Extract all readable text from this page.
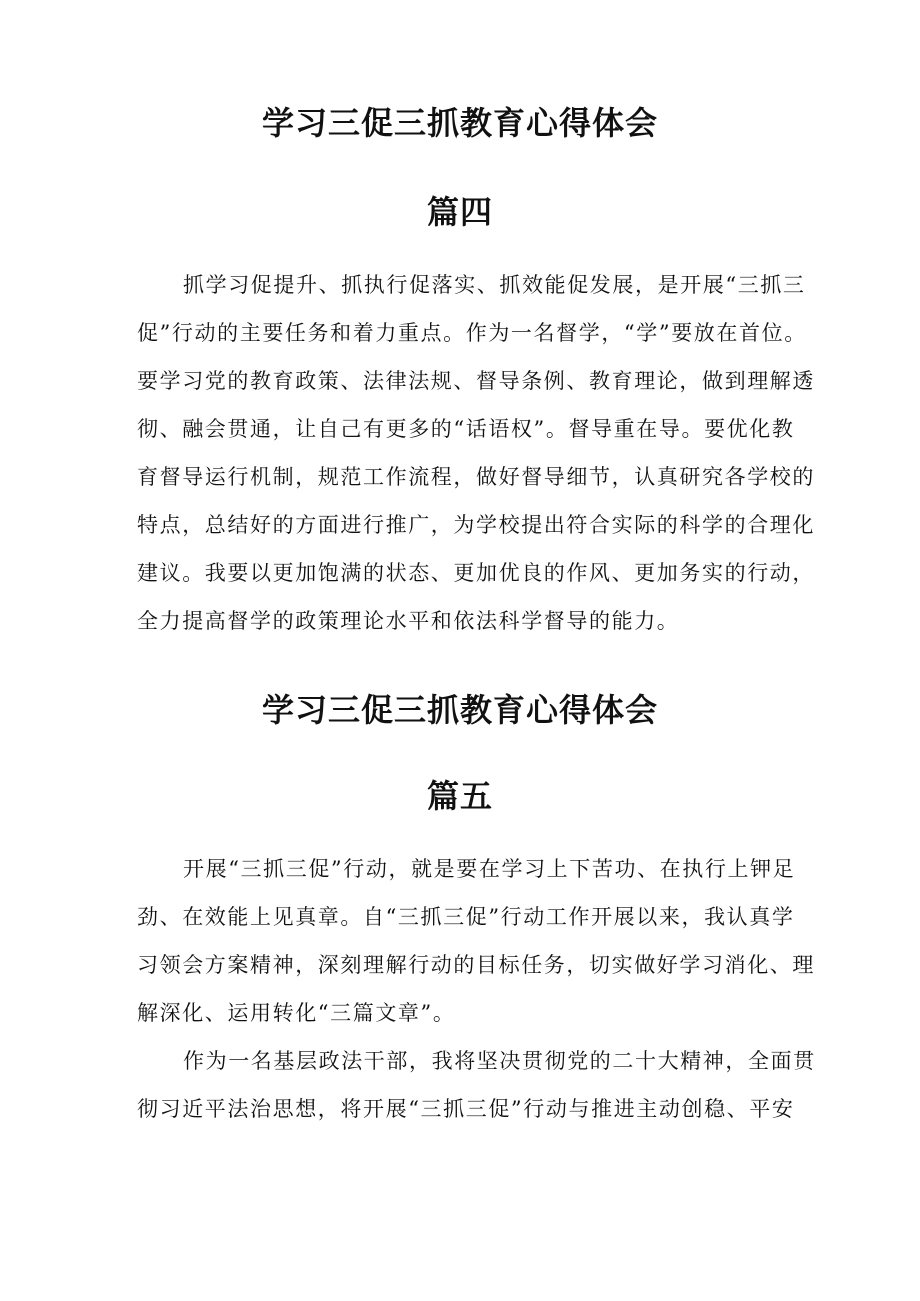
学习三促三抓教育心得体会
篇四
抓学习促提升、抓执行促落实、抓效能促发展，是开展“三抓三
促”行动的主要任务和着力重点。作为一名督学，“学”要放在首位。
要学习党的教育政策、法律法规、督导条例、教育理论，做到理解透
彻、融会贯通，让自己有更多的“话语权”。督导重在导。要优化教
育督导运行机制，规范工作流程，做好督导细节，认真研究各学校的
特点，总结好的方面进行推广，为学校提出符合实际的科学的合理化
建议。我要以更加饱满的状态、更加优良的作风、更加务实的行动，
全力提高督学的政策理论水平和依法科学督导的能力。
学习三促三抓教育心得体会
篇五
开展“三抓三促”行动，就是要在学习上下苦功、在执行上钾足
劲、在效能上见真章。自“三抓三促”行动工作开展以来，我认真学
习领会方案精神，深刻理解行动的目标任务，切实做好学习消化、理
解深化、运用转化“三篇文章”。
作为一名基层政法干部，我将坚决贯彻党的二十大精神，全面贯
彻习近平法治思想，将开展“三抓三促”行动与推进主动创稳、平安
